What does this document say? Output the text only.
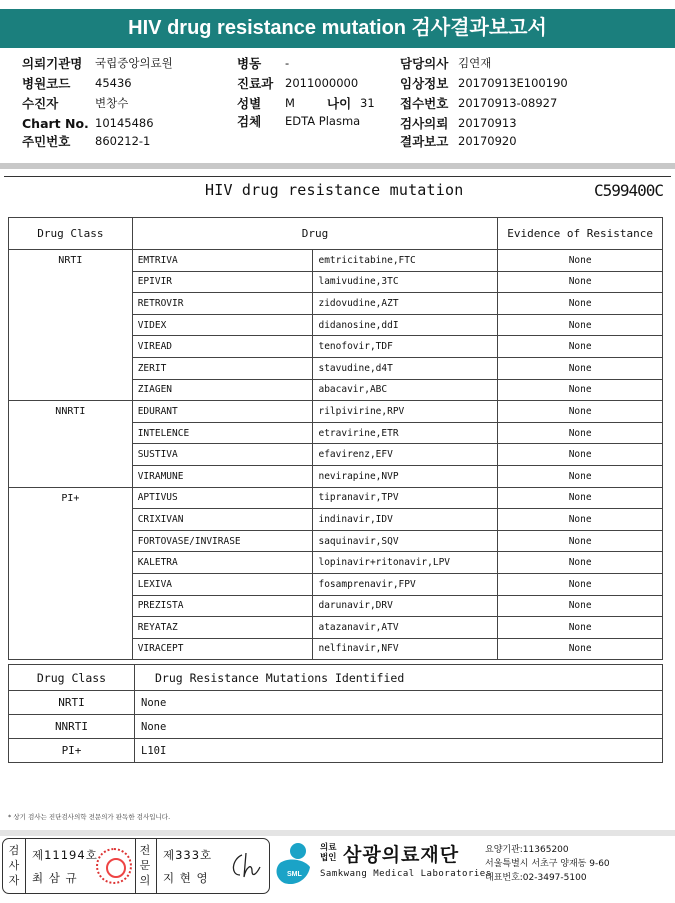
HIV drug resistance mutation 검사결과보고서
의뢰기관명 국립중앙의료원
병원코드 45436
수진자	변창수
Chart No. 10145486
주민번호 860212-1
병동 -
진료과 2011000000
성별 M	나이 31
검체 EDTA Plasma
담당의사 김연재
임상정보 20170913E100190
접수번호 20170913-08927
검사의뢰 20170913
결과보고 20170920
HIV drug resistance mutation	C599400C
Drug Class	Drug		Evidence of Resistance
NRTI	EMTRIVA	emtricitabine,FTC	None
	EPIVIR	lamivudine,3TC	None
	RETROVIR	zidovudine,AZT	None
	VIDEX	didanosine,ddI	None
	VIREAD	tenofovir,TDF	None
	ZERIT	stavudine,d4T	None
	ZIAGEN	abacavir,ABC	None
NNRTI	EDURANT	rilpivirine,RPV	None
	INTELENCE	etravirine,ETR	None
	SUSTIVA	efavirenz,EFV	None
	VIRAMUNE	nevirapine,NVP	None
PI+	APTIVUS	tipranavir,TPV	None
	CRIXIVAN	indinavir,IDV	None
	FORTOVASE/INVIRASE	saquinavir,SQV	None
	KALETRA	lopinavir+ritonavir,LPV	None
	LEXIVA	fosamprenavir,FPV	None
	PREZISTA	darunavir,DRV	None
	REYATAZ	atazanavir,ATV	None
	VIRACEPT	nelfinavir,NFV	None
Drug Class	Drug Resistance Mutations Identified
NRTI	None
NNRTI	None
PI+	L10I
* 상기 검사는 진단검사의학 전문의가 판독한 검사입니다.
검
사
자
제11194호
최 삼 규
전
문
의
제333호
지 현 영	SML
의료
법인 삼광의료재단
Samkwang Medical Laboratories
요양기관:11365200
서울특별시 서초구 양재동 9-60
대표번호:02-3497-5100
